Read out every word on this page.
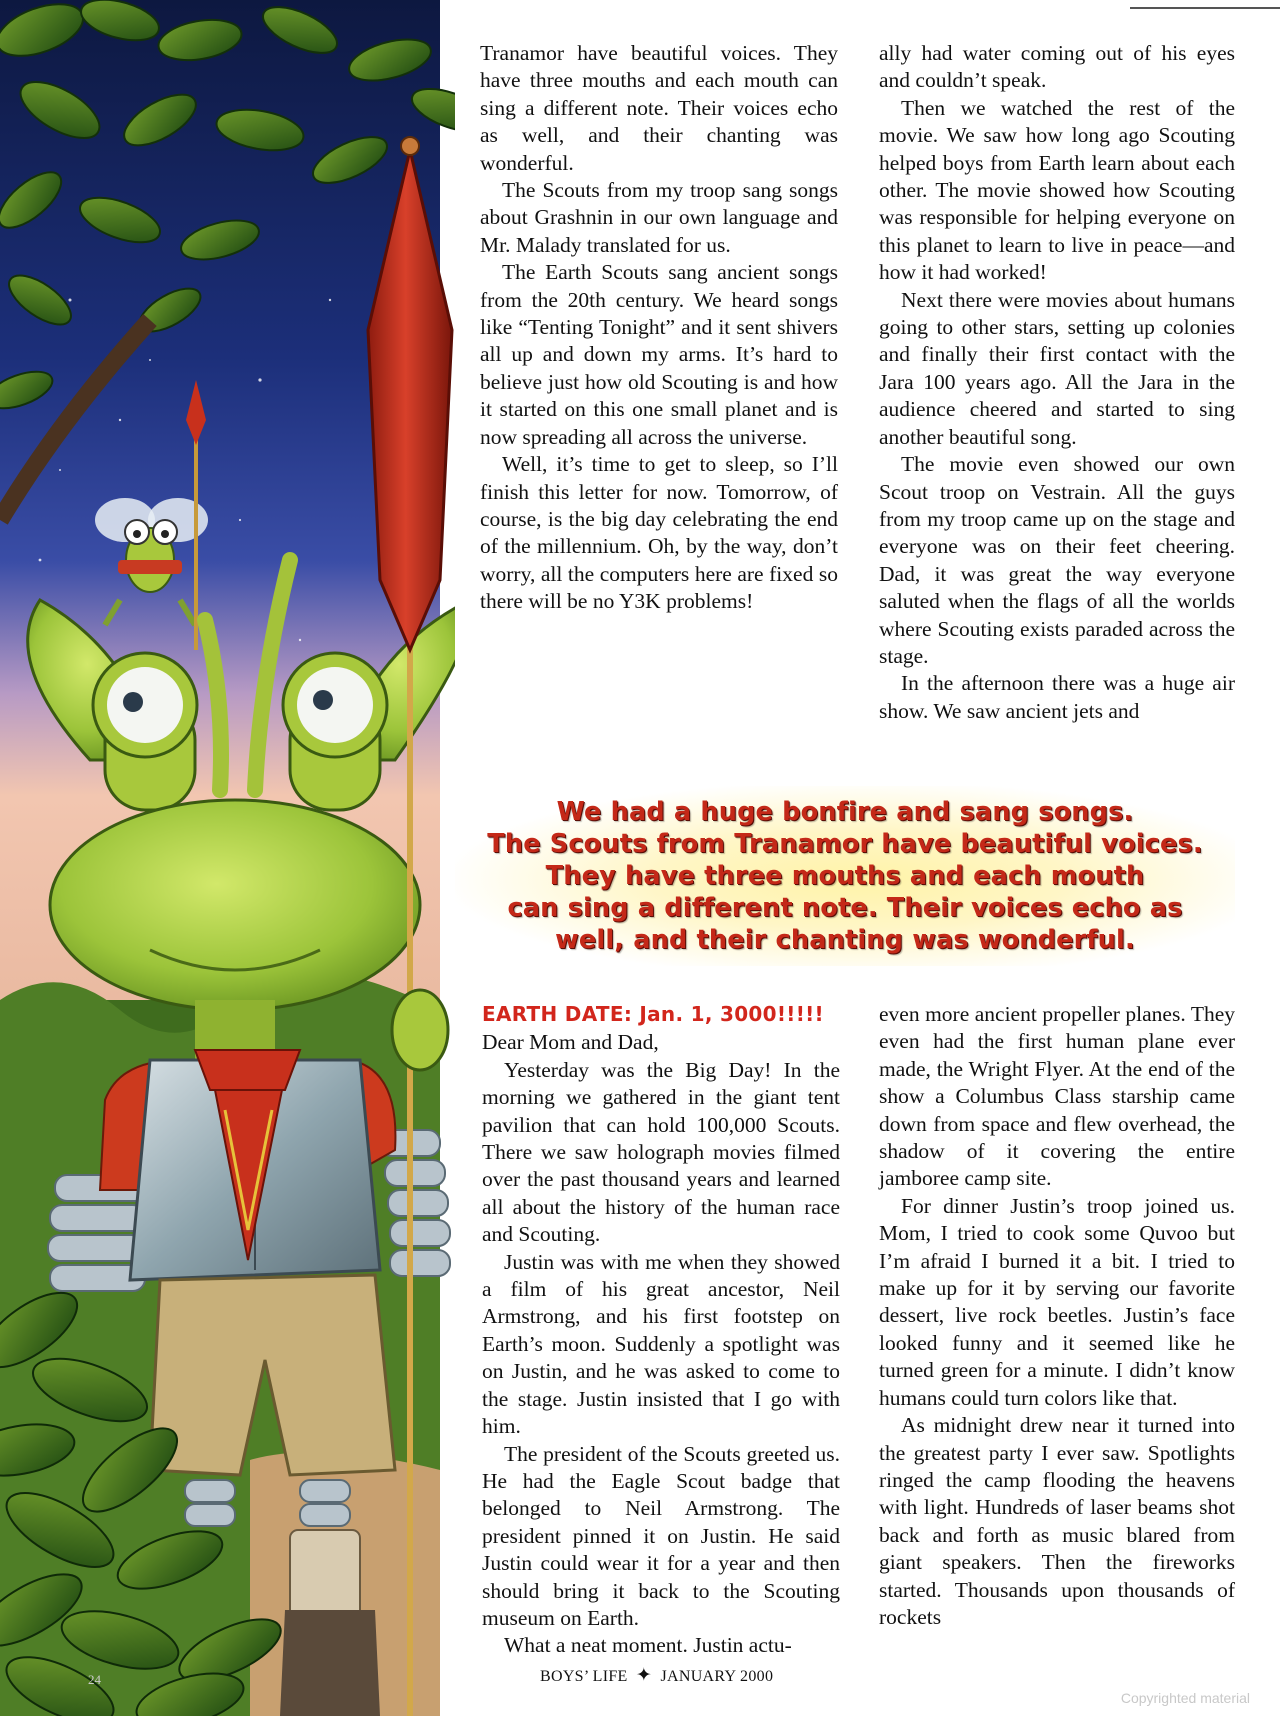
24

Tranamor have beautiful voices. They have three mouths and each mouth can sing a different note. Their voices echo as well, and their chanting was wonderful.

The Scouts from my troop sang songs about Grashnin in our own language and Mr. Malady translated for us.

The Earth Scouts sang ancient songs from the 20th century. We heard songs like “Tenting Tonight” and it sent shivers all up and down my arms. It’s hard to believe just how old Scouting is and how it started on this one small planet and is now spreading all across the universe.

Well, it’s time to get to sleep, so I’ll finish this letter for now. Tomorrow, of course, is the big day celebrating the end of the millennium. Oh, by the way, don’t worry, all the computers here are fixed so there will be no Y3K problems!

ally had water coming out of his eyes and couldn’t speak.

Then we watched the rest of the movie. We saw how long ago Scouting helped boys from Earth learn about each other. The movie showed how Scouting was responsible for helping everyone on this planet to learn to live in peace—and how it had worked!

Next there were movies about humans going to other stars, setting up colonies and finally their first contact with the Jara 100 years ago. All the Jara in the audience cheered and started to sing another beautiful song.

The movie even showed our own Scout troop on Vestrain. All the guys from my troop came up on the stage and everyone was on their feet cheering. Dad, it was great the way everyone saluted when the flags of all the worlds where Scouting exists paraded across the stage.

In the afternoon there was a huge air show. We saw ancient jets and

We had a huge bonfire and sang songs.
The Scouts from Tranamor have beautiful voices.
They have three mouths and each mouth
can sing a different note. Their voices echo as
well, and their chanting was wonderful.
EARTH DATE: Jan. 1, 3000!!!!!

Dear Mom and Dad,

Yesterday was the Big Day! In the morning we gathered in the giant tent pavilion that can hold 100,000 Scouts. There we saw holograph movies filmed over the past thousand years and learned all about the history of the human race and Scouting.

Justin was with me when they showed a film of his great ancestor, Neil Armstrong, and his first footstep on Earth’s moon. Suddenly a spotlight was on Justin, and he was asked to come to the stage. Justin insisted that I go with him.

The president of the Scouts greeted us. He had the Eagle Scout badge that belonged to Neil Armstrong. The president pinned it on Justin. He said Justin could wear it for a year and then should bring it back to the Scouting museum on Earth.

What a neat moment. Justin actu-

even more ancient propeller planes. They even had the first human plane ever made, the Wright Flyer. At the end of the show a Columbus Class starship came down from space and flew overhead, the shadow of it covering the entire jamboree camp site.

For dinner Justin’s troop joined us. Mom, I tried to cook some Quvoo but I’m afraid I burned it a bit. I tried to make up for it by serving our favorite dessert, live rock beetles. Justin’s face looked funny and it seemed like he turned green for a minute. I didn’t know humans could turn colors like that.

As midnight drew near it turned into the greatest party I ever saw. Spotlights ringed the camp flooding the heavens with light. Hundreds of laser beams shot back and forth as music blared from giant speakers. Then the fireworks started. Thousands upon thousands of rockets

BOYS’ LIFE ✦ JANUARY 2000
Copyrighted material
